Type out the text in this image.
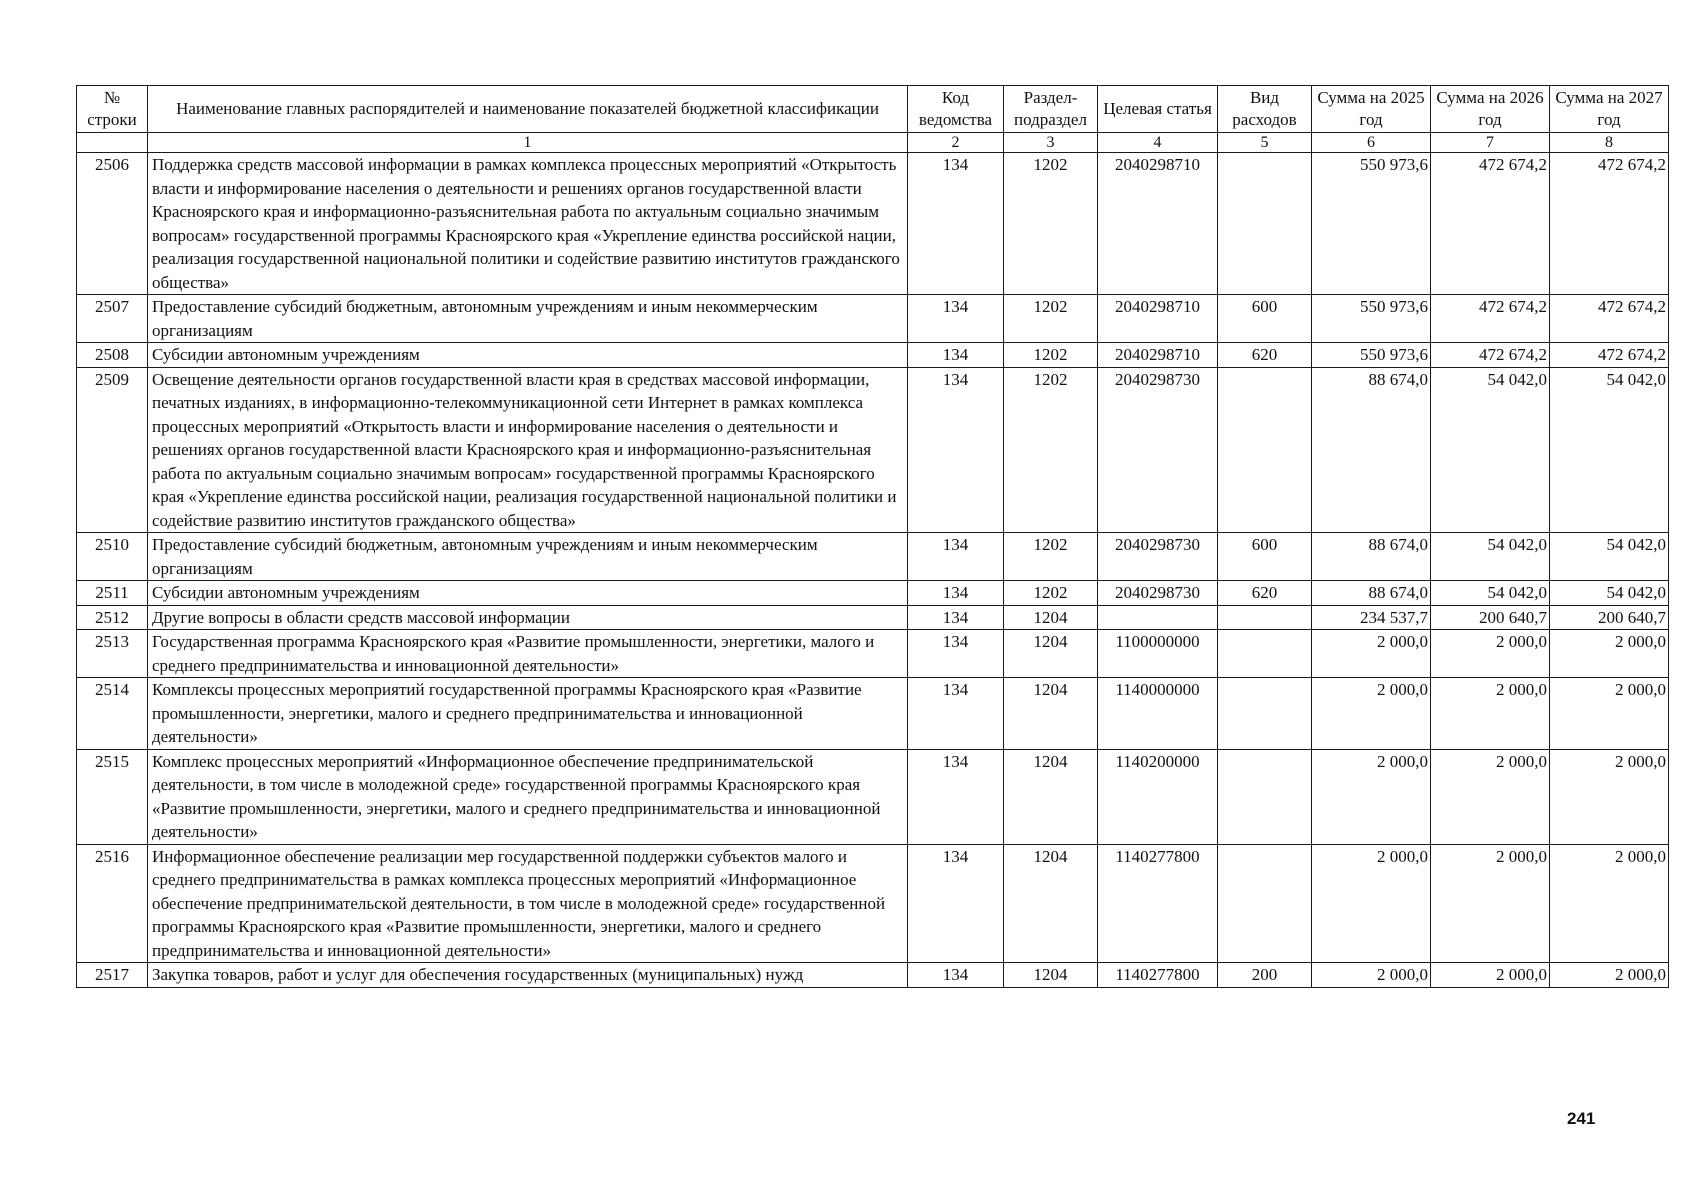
№ строки	Наименование главных распорядителей и наименование показателей бюджетной классификации	Код ведомства	Раздел-подраздел	Целевая статья	Вид расходов	Сумма на 2025 год	Сумма на 2026 год	Сумма на 2027 год
	1	2	3	4	5	6	7	8
2506	Поддержка средств массовой информации в рамках комплекса процессных мероприятий «Открытость власти и информирование населения о деятельности и решениях органов государственной власти Красноярского края и информационно-разъяснительная работа по актуальным социально значимым вопросам» государственной программы Красноярского края «Укрепление единства российской нации, реализация государственной национальной политики и содействие развитию институтов гражданского общества»	134	1202	2040298710		550 973,6	472 674,2	472 674,2
2507	Предоставление субсидий бюджетным, автономным учреждениям и иным некоммерческим организациям	134	1202	2040298710	600	550 973,6	472 674,2	472 674,2
2508	Субсидии автономным учреждениям	134	1202	2040298710	620	550 973,6	472 674,2	472 674,2
2509	Освещение деятельности органов государственной власти края в средствах массовой информации, печатных изданиях, в информационно-телекоммуникационной сети Интернет в рамках комплекса процессных мероприятий «Открытость власти и информирование населения о деятельности и решениях органов государственной власти Красноярского края и информационно-разъяснительная работа по актуальным социально значимым вопросам» государственной программы Красноярского края «Укрепление единства российской нации, реализация государственной национальной политики и содействие развитию институтов гражданского общества»	134	1202	2040298730		88 674,0	54 042,0	54 042,0
2510	Предоставление субсидий бюджетным, автономным учреждениям и иным некоммерческим организациям	134	1202	2040298730	600	88 674,0	54 042,0	54 042,0
2511	Субсидии автономным учреждениям	134	1202	2040298730	620	88 674,0	54 042,0	54 042,0
2512	Другие вопросы в области средств массовой информации	134	1204			234 537,7	200 640,7	200 640,7
2513	Государственная программа Красноярского края «Развитие промышленности, энергетики, малого и среднего предпринимательства и инновационной деятельности»	134	1204	1100000000		2 000,0	2 000,0	2 000,0
2514	Комплексы процессных мероприятий государственной программы Красноярского края «Развитие промышленности, энергетики, малого и среднего предпринимательства и инновационной деятельности»	134	1204	1140000000		2 000,0	2 000,0	2 000,0
2515	Комплекс процессных мероприятий «Информационное обеспечение предпринимательской деятельности, в том числе в молодежной среде» государственной программы Красноярского края «Развитие промышленности, энергетики, малого и среднего предпринимательства и инновационной деятельности»	134	1204	1140200000		2 000,0	2 000,0	2 000,0
2516	Информационное обеспечение реализации мер государственной поддержки субъектов малого и среднего предпринимательства в рамках комплекса процессных мероприятий «Информационное обеспечение предпринимательской деятельности, в том числе в молодежной среде» государственной программы Красноярского края «Развитие промышленности, энергетики, малого и среднего предпринимательства и инновационной деятельности»	134	1204	1140277800		2 000,0	2 000,0	2 000,0
2517	Закупка товаров, работ и услуг для обеспечения государственных (муниципальных) нужд	134	1204	1140277800	200	2 000,0	2 000,0	2 000,0
241
